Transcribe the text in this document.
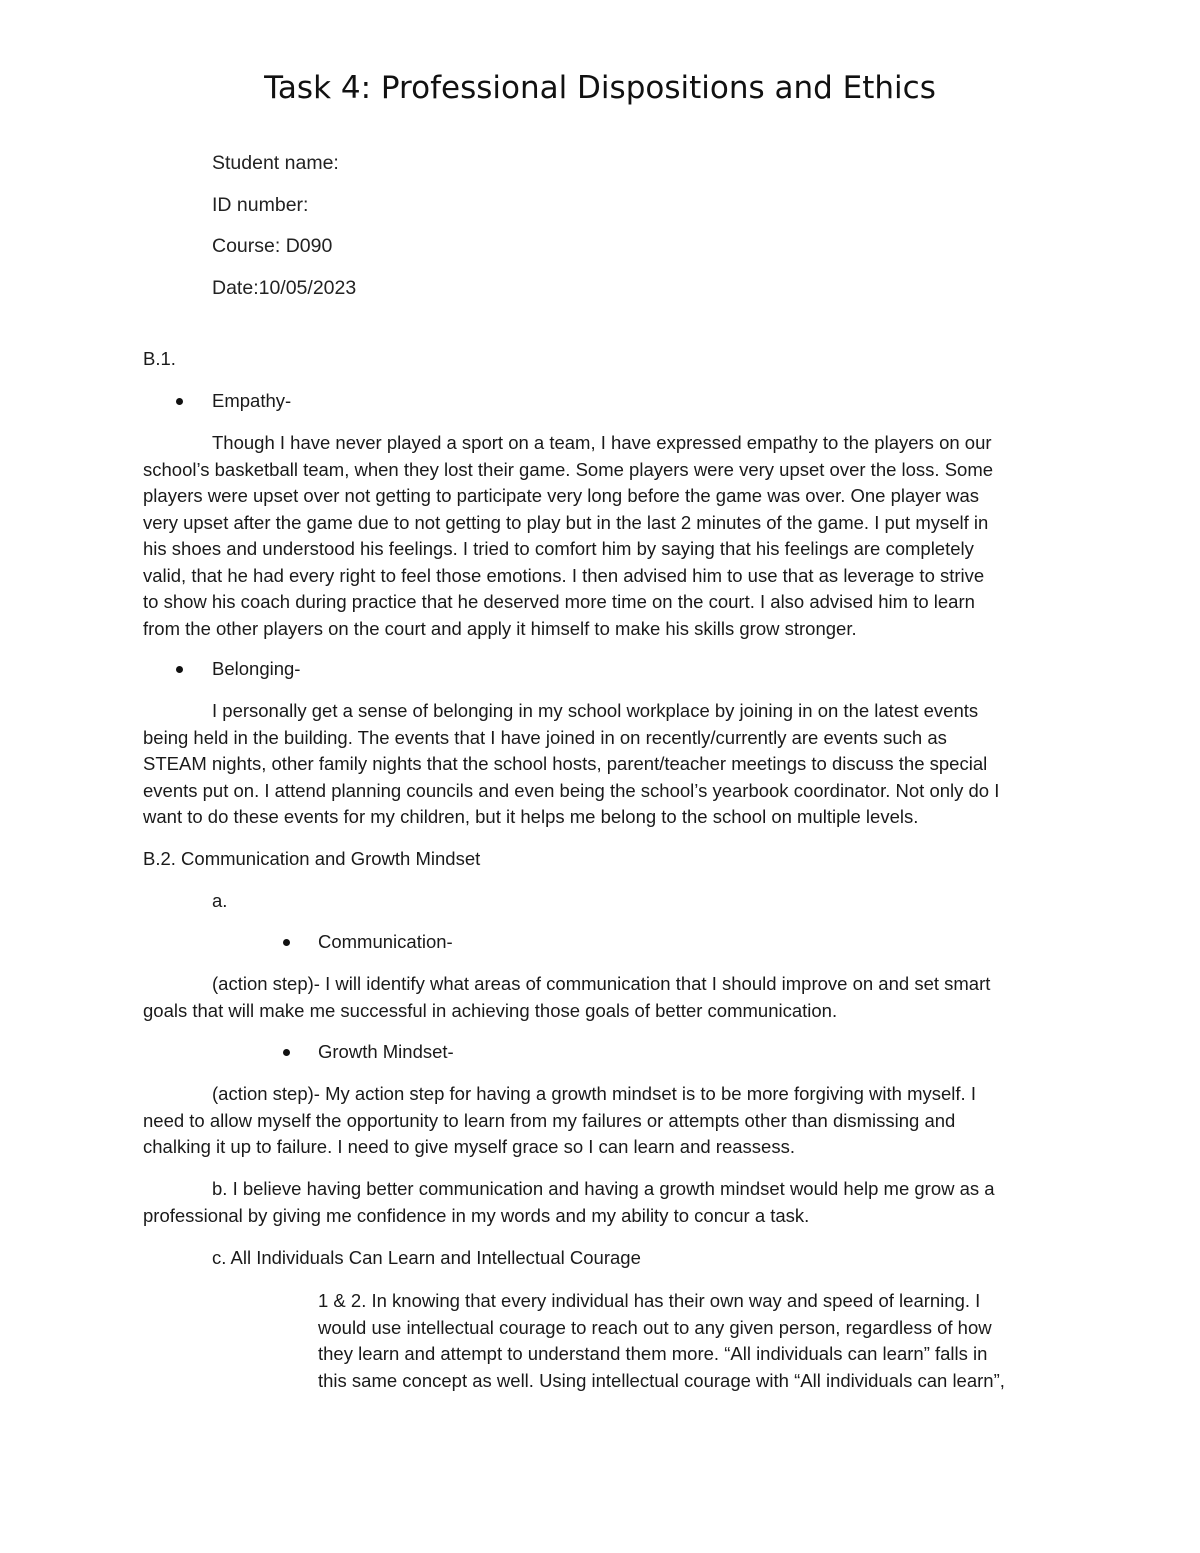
Task 4: Professional Dispositions and Ethics
Student name:
ID number:
Course: D090
Date:10/05/2023
B.1.
Empathy-
Though I have never played a sport on a team, I have expressed empathy to the players on our
school’s basketball team, when they lost their game. Some players were very upset over the loss. Some
players were upset over not getting to participate very long before the game was over. One player was
very upset after the game due to not getting to play but in the last 2 minutes of the game. I put myself in
his shoes and understood his feelings. I tried to comfort him by saying that his feelings are completely
valid, that he had every right to feel those emotions. I then advised him to use that as leverage to strive
to show his coach during practice that he deserved more time on the court. I also advised him to learn
from the other players on the court and apply it himself to make his skills grow stronger.
Belonging-
I personally get a sense of belonging in my school workplace by joining in on the latest events
being held in the building. The events that I have joined in on recently/currently are events such as
STEAM nights, other family nights that the school hosts, parent/teacher meetings to discuss the special
events put on. I attend planning councils and even being the school’s yearbook coordinator. Not only do I
want to do these events for my children, but it helps me belong to the school on multiple levels.
B.2. Communication and Growth Mindset
a.
Communication-
(action step)- I will identify what areas of communication that I should improve on and set smart
goals that will make me successful in achieving those goals of better communication.
Growth Mindset-
(action step)- My action step for having a growth mindset is to be more forgiving with myself. I
need to allow myself the opportunity to learn from my failures or attempts other than dismissing and
chalking it up to failure. I need to give myself grace so I can learn and reassess.
b. I believe having better communication and having a growth mindset would help me grow as a
professional by giving me confidence in my words and my ability to concur a task.
c. All Individuals Can Learn and Intellectual Courage
1 & 2. In knowing that every individual has their own way and speed of learning. I
would use intellectual courage to reach out to any given person, regardless of how
they learn and attempt to understand them more. “All individuals can learn” falls in
this same concept as well. Using intellectual courage with “All individuals can learn”,
